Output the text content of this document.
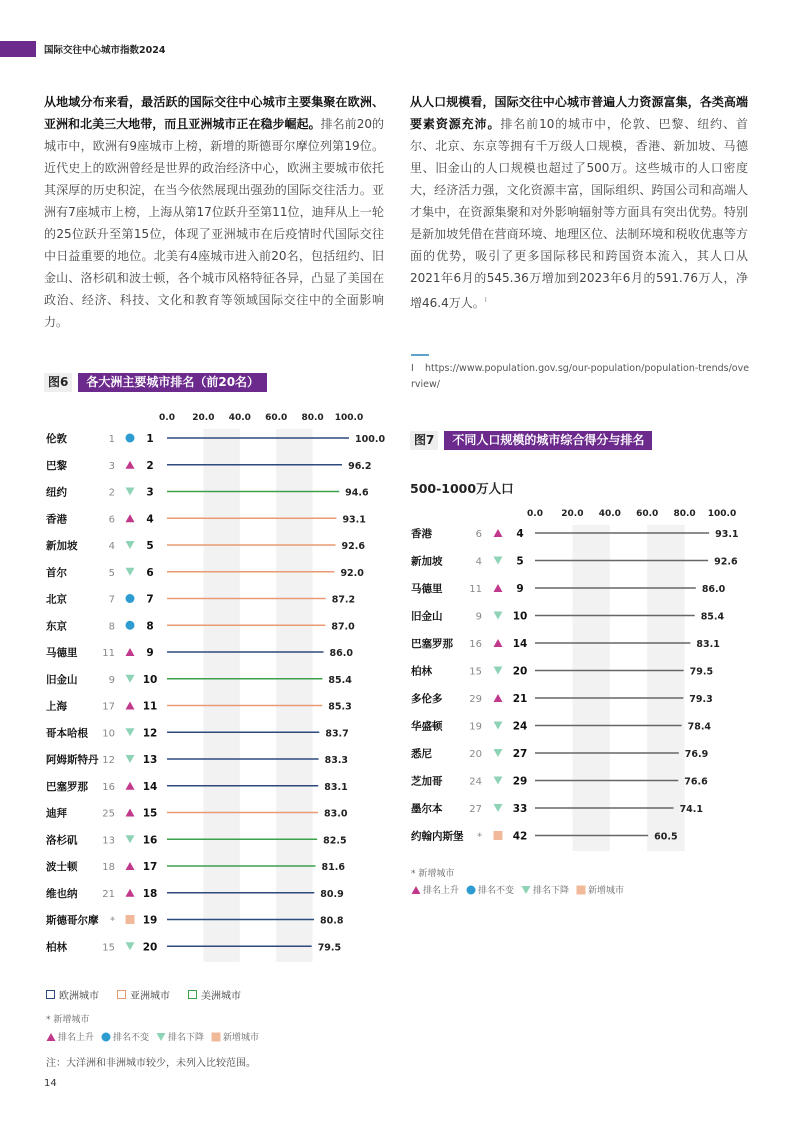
国际交往中心城市指数2024
从地域分布来看，最活跃的国际交往中心城市主要集聚在欧洲、亚洲和北美三大地带，而且亚洲城市正在稳步崛起。排名前20的城市中，欧洲有9座城市上榜，新增的斯德哥尔摩位列第19位。近代史上的欧洲曾经是世界的政治经济中心，欧洲主要城市依托其深厚的历史积淀，在当今依然展现出强劲的国际交往活力。亚洲有7座城市上榜，上海从第17位跃升至第11位，迪拜从上一轮的25位跃升至第15位，体现了亚洲城市在后疫情时代国际交往中日益重要的地位。北美有4座城市进入前20名，包括纽约、旧金山、洛杉矶和波士顿，各个城市风格特征各异，凸显了美国在政治、经济、科技、文化和教育等领域国际交往中的全面影响力。
从人口规模看，国际交往中心城市普遍人力资源富集，各类高端要素资源充沛。排名前10的城市中，伦敦、巴黎、纽约、首尔、北京、东京等拥有千万级人口规模，香港、新加坡、马德里、旧金山的人口规模也超过了500万。这些城市的人口密度大，经济活力强，文化资源丰富，国际组织、跨国公司和高端人才集中，在资源集聚和对外影响辐射等方面具有突出优势。特别是新加坡凭借在营商环境、地理区位、法制环境和税收优惠等方面的优势，吸引了更多国际移民和跨国资本流入，其人口从2021年6月的545.36万增加到2023年6月的591.76万人，净增46.4万人。$^I$
I https://www.population.gov.sg/our-population/population-trends/overview/
图6	各大洲主要城市排名（前20名）
图7	不同人口规模的城市综合得分与排名
500-1000万人口
0.0 20.0 40.0 60.0 80.0 100.0
伦敦	1	1	100.0
巴黎	3	2	96.2
纽约	2	3	94.6
香港	6	4	93.1
新加坡	4	5	92.6
首尔	5	6	92.0
北京	7	7	87.2
东京	8	8	87.0
马德里 11	9	86.0
旧金山	9	10	85.4
上海	17	11	85.3
哥本哈根 10	12	83.7
阿姆斯特丹 12	13	83.3
巴塞罗那 16	14	83.1
迪拜	25	15	83.0
洛杉矶 13	16	82.5
波士顿 18	17	81.6
维也纳 21	18	80.9
斯德哥尔摩 *	19	80.8
柏林	15	20	79.5
0.0 20.0 40.0 60.0 80.0 100.0
香港	6	4	93.1
新加坡	4	5	92.6
马德里	11	9	86.0
旧金山	9	10	85.4
巴塞罗那 16	14	83.1
柏林	15	20	79.5
多伦多	29	21	79.3
华盛顿	19	24	78.4
悉尼	20	27	76.9
芝加哥	24	29	76.6
墨尔本	27	33	74.1
约翰内斯堡 *	42	60.5
欧洲城市	亚洲城市	美洲城市
* 新增城市
排名上升 排名不变 排名下降 新增城市
* 新增城市
排名上升 排名不变 排名下降 新增城市
注：大洋洲和非洲城市较少，未列入比较范围。
14
